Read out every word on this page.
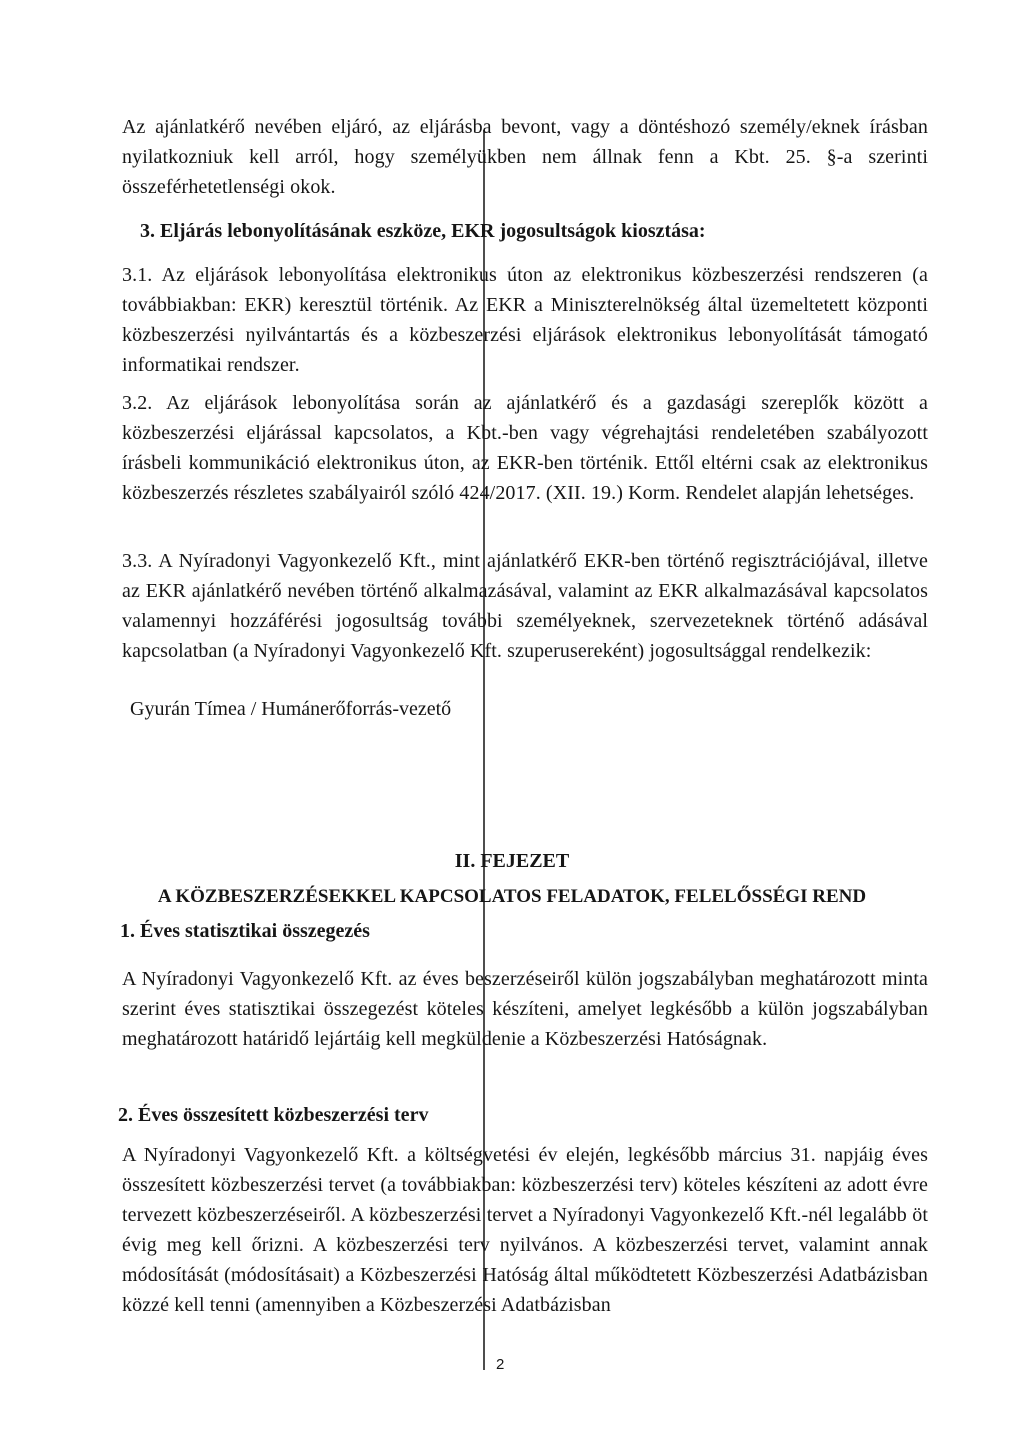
Az ajánlatkérő nevében eljáró, az eljárásba bevont, vagy a döntéshozó személy/eknek írásban nyilatkozniuk kell arról, hogy személyükben nem állnak fenn a Kbt. 25. §-a szerinti összeférhetetlenségi okok.

3. Eljárás lebonyolításának eszköze, EKR jogosultságok kiosztása:

3.1. Az eljárások lebonyolítása elektronikus úton az elektronikus közbeszerzési rendszeren (a továbbiakban: EKR) keresztül történik. Az EKR a Miniszterelnökség által üzemeltetett központi közbeszerzési nyilvántartás és a közbeszerzési eljárások elektronikus lebonyolítását támogató informatikai rendszer.

3.2. Az eljárások lebonyolítása során az ajánlatkérő és a gazdasági szereplők között a közbeszerzési eljárással kapcsolatos, a Kbt.-ben vagy végrehajtási rendeletében szabályozott írásbeli kommunikáció elektronikus úton, az EKR-ben történik. Ettől eltérni csak az elektronikus közbeszerzés részletes szabályairól szóló 424/2017. (XII. 19.) Korm. Rendelet alapján lehetséges.

3.3. A Nyíradonyi Vagyonkezelő Kft., mint ajánlatkérő EKR-ben történő regisztrációjával, illetve az EKR ajánlatkérő nevében történő alkalmazásával, valamint az EKR alkalmazásával kapcsolatos valamennyi hozzáférési jogosultság további személyeknek, szervezeteknek történő adásával kapcsolatban (a Nyíradonyi Vagyonkezelő Kft. szuperusereként) jogosultsággal rendelkezik:

Gyurán Tímea / Humánerőforrás-vezető
II. FEJEZET
A KÖZBESZERZÉSEKKEL KAPCSOLATOS FELADATOK, FELELŐSSÉGI REND
1. Éves statisztikai összegezés

A Nyíradonyi Vagyonkezelő Kft. az éves beszerzéseiről külön jogszabályban meghatározott minta szerint éves statisztikai összegezést köteles készíteni, amelyet legkésőbb a külön jogszabályban meghatározott határidő lejártáig kell megküldenie a Közbeszerzési Hatóságnak.

2. Éves összesített közbeszerzési terv

A Nyíradonyi Vagyonkezelő Kft. a költségvetési év elején, legkésőbb március 31. napjáig éves összesített közbeszerzési tervet (a továbbiakban: közbeszerzési terv) köteles készíteni az adott évre tervezett közbeszerzéseiről. A közbeszerzési tervet a Nyíradonyi Vagyonkezelő Kft.-nél legalább öt évig meg kell őrizni. A közbeszerzési terv nyilvános. A közbeszerzési tervet, valamint annak módosítását (módosításait) a Közbeszerzési Hatóság által működtetett Közbeszerzési Adatbázisban közzé kell tenni (amennyiben a Közbeszerzési Adatbázisban

2
